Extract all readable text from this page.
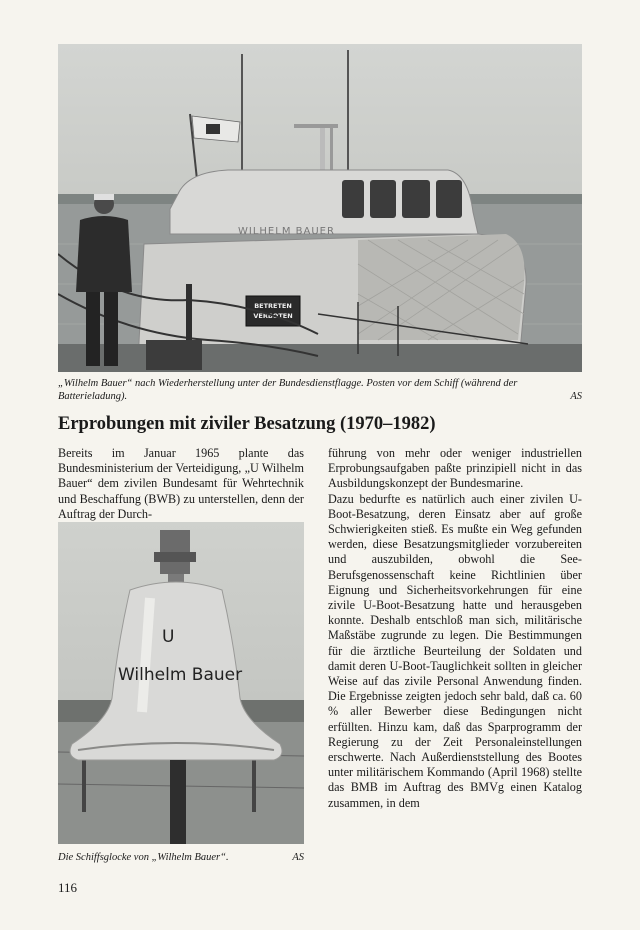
WILHELM BAUER
BETRETEN
VERBOTEN
„Wilhelm Bauer“ nach Wiederherstellung unter der Bundesdienstflagge. Posten vor dem Schiff (während der Batterieladung).	AS
Erprobungen mit ziviler Besatzung (1970–1982)

Bereits im Januar 1965 plante das Bundesministerium der Verteidigung, „U Wilhelm Bauer“ dem zivilen Bundesamt für Wehrtechnik und Beschaffung (BWB) zu unterstellen, denn der Auftrag der Durch-

U
Wilhelm Bauer
Die Schiffsglocke von „Wilhelm Bauer“.	AS

führung von mehr oder weniger industriellen Erprobungsaufgaben paßte prinzipiell nicht in das Ausbildungskonzept der Bundesmarine.

Dazu bedurfte es natürlich auch einer zivilen U-Boot-Besatzung, deren Einsatz aber auf große Schwierigkeiten stieß. Es mußte ein Weg gefunden werden, diese Besatzungsmitglieder vorzubereiten und auszubilden, obwohl die See-Berufsgenossenschaft keine Richtlinien über Eignung und Sicherheitsvorkehrungen für eine zivile U-Boot-Besatzung hatte und herausgeben konnte. Deshalb entschloß man sich, militärische Maßstäbe zugrunde zu legen. Die Bestimmungen für die ärztliche Beurteilung der Soldaten und damit deren U-Boot-Tauglichkeit sollten in gleicher Weise auf das zivile Personal Anwendung finden. Die Ergebnisse zeigten jedoch sehr bald, daß ca. 60 % aller Bewerber diese Bedingungen nicht erfüllten. Hinzu kam, daß das Sparprogramm der Regierung zu der Zeit Personaleinstellungen erschwerte. Nach Außerdienststellung des Bootes unter militärischem Kommando (April 1968) stellte das BMB im Auftrag des BMVg einen Katalog zusammen, in dem

116
